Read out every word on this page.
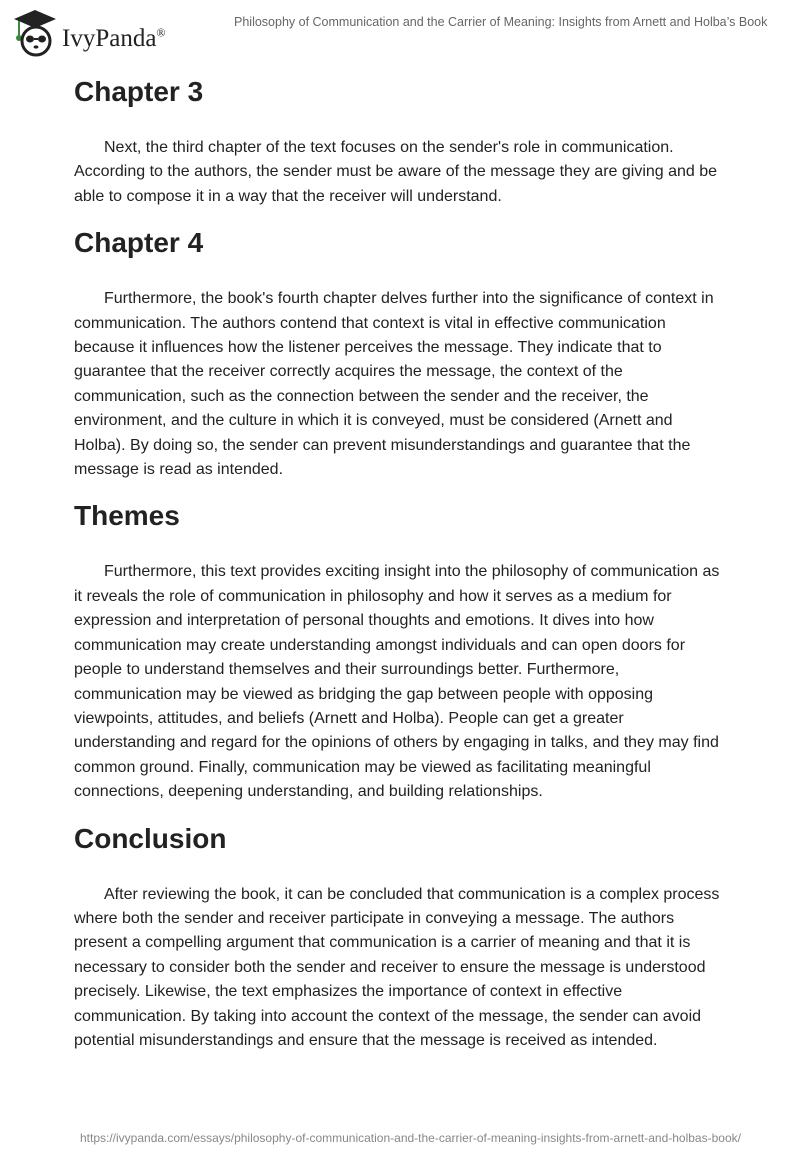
IvyPanda®
Philosophy of Communication and the Carrier of Meaning: Insights from Arnett and Holba’s Book
Chapter 3

Next, the third chapter of the text focuses on the sender's role in communication. According to the authors, the sender must be aware of the message they are giving and be able to compose it in a way that the receiver will understand.

Chapter 4

Furthermore, the book's fourth chapter delves further into the significance of context in communication. The authors contend that context is vital in effective communication because it influences how the listener perceives the message. They indicate that to guarantee that the receiver correctly acquires the message, the context of the communication, such as the connection between the sender and the receiver, the environment, and the culture in which it is conveyed, must be considered (Arnett and Holba). By doing so, the sender can prevent misunderstandings and guarantee that the message is read as intended.

Themes

Furthermore, this text provides exciting insight into the philosophy of communication as it reveals the role of communication in philosophy and how it serves as a medium for expression and interpretation of personal thoughts and emotions. It dives into how communication may create understanding amongst individuals and can open doors for people to understand themselves and their surroundings better. Furthermore, communication may be viewed as bridging the gap between people with opposing viewpoints, attitudes, and beliefs (Arnett and Holba). People can get a greater understanding and regard for the opinions of others by engaging in talks, and they may find common ground. Finally, communication may be viewed as facilitating meaningful connections, deepening understanding, and building relationships.

Conclusion

After reviewing the book, it can be concluded that communication is a complex process where both the sender and receiver participate in conveying a message. The authors present a compelling argument that communication is a carrier of meaning and that it is necessary to consider both the sender and receiver to ensure the message is understood precisely. Likewise, the text emphasizes the importance of context in effective communication. By taking into account the context of the message, the sender can avoid potential misunderstandings and ensure that the message is received as intended.

https://ivypanda.com/essays/philosophy-of-communication-and-the-carrier-of-meaning-insights-from-arnett-and-holbas-book/
